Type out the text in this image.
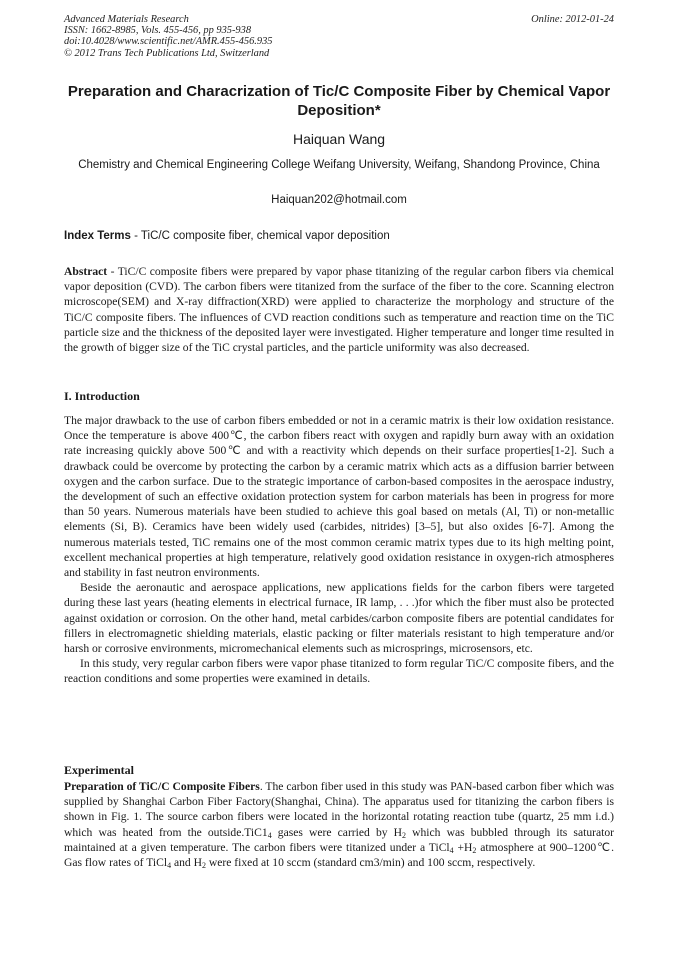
Advanced Materials Research
ISSN: 1662-8985, Vols. 455-456, pp 935-938
doi:10.4028/www.scientific.net/AMR.455-456.935
© 2012 Trans Tech Publications Ltd, Switzerland
Online: 2012-01-24
Preparation and Characrization of Tic/C Composite Fiber by Chemical Vapor Deposition*
Haiquan Wang
Chemistry and Chemical Engineering College Weifang University, Weifang, Shandong Province, China
Haiquan202@hotmail.com
Index Terms - TiC/C composite fiber, chemical vapor deposition

Abstract - TiC/C composite fibers were prepared by vapor phase titanizing of the regular carbon fibers via chemical vapor deposition (CVD). The carbon fibers were titanized from the surface of the fiber to the core. Scanning electron microscope(SEM) and X-ray diffraction(XRD) were applied to characterize the morphology and structure of the TiC/C composite fibers. The influences of CVD reaction conditions such as temperature and reaction time on the TiC particle size and the thickness of the deposited layer were investigated. Higher temperature and longer time resulted in the growth of bigger size of the TiC crystal particles, and the particle uniformity was also decreased.

I. Introduction

The major drawback to the use of carbon fibers embedded or not in a ceramic matrix is their low oxidation resistance. Once the temperature is above 400℃, the carbon fibers react with oxygen and rapidly burn away with an oxidation rate increasing quickly above 500℃ and with a reactivity which depends on their surface properties[1-2]. Such a drawback could be overcome by protecting the carbon by a ceramic matrix which acts as a diffusion barrier between oxygen and the carbon surface. Due to the strategic importance of carbon-based composites in the aerospace industry, the development of such an effective oxidation protection system for carbon materials has been in progress for more than 50 years. Numerous materials have been studied to achieve this goal based on metals (Al, Ti) or non-metallic elements (Si, B). Ceramics have been widely used (carbides, nitrides) [3–5], but also oxides [6-7]. Among the numerous materials tested, TiC remains one of the most common ceramic matrix types due to its high melting point, excellent mechanical properties at high temperature, relatively good oxidation resistance in oxygen-rich atmospheres and stability in fast neutron environments.

Beside the aeronautic and aerospace applications, new applications fields for the carbon fibers were targeted during these last years (heating elements in electrical furnace, IR lamp, . . .)for which the fiber must also be protected against oxidation or corrosion. On the other hand, metal carbides/carbon composite fibers are potential candidates for fillers in electromagnetic shielding materials, elastic packing or filter materials resistant to high temperature and/or harsh or corrosive environments, micromechanical elements such as microsprings, microsensors, etc.

In this study, very regular carbon fibers were vapor phase titanized to form regular TiC/C composite fibers, and the reaction conditions and some properties were examined in details.

Experimental

Preparation of TiC/C Composite Fibers. The carbon fiber used in this study was PAN-based carbon fiber which was supplied by Shanghai Carbon Fiber Factory(Shanghai, China). The apparatus used for titanizing the carbon fibers is shown in Fig. 1. The source carbon fibers were located in the horizontal rotating reaction tube (quartz, 25 mm i.d.) which was heated from the $outside.TiC1_4$ gases were carried by $H_2$ which was bubbled through its saturator maintained at a given temperature. The carbon fibers were titanized under a TiCl$_4$ $+H_2$ atmosphere at 900–1200℃. Gas flow rates of TiCl$_4$ and $H_2$ were fixed at 10 sccm (standard cm3/min) and 100 sccm, respectively.
